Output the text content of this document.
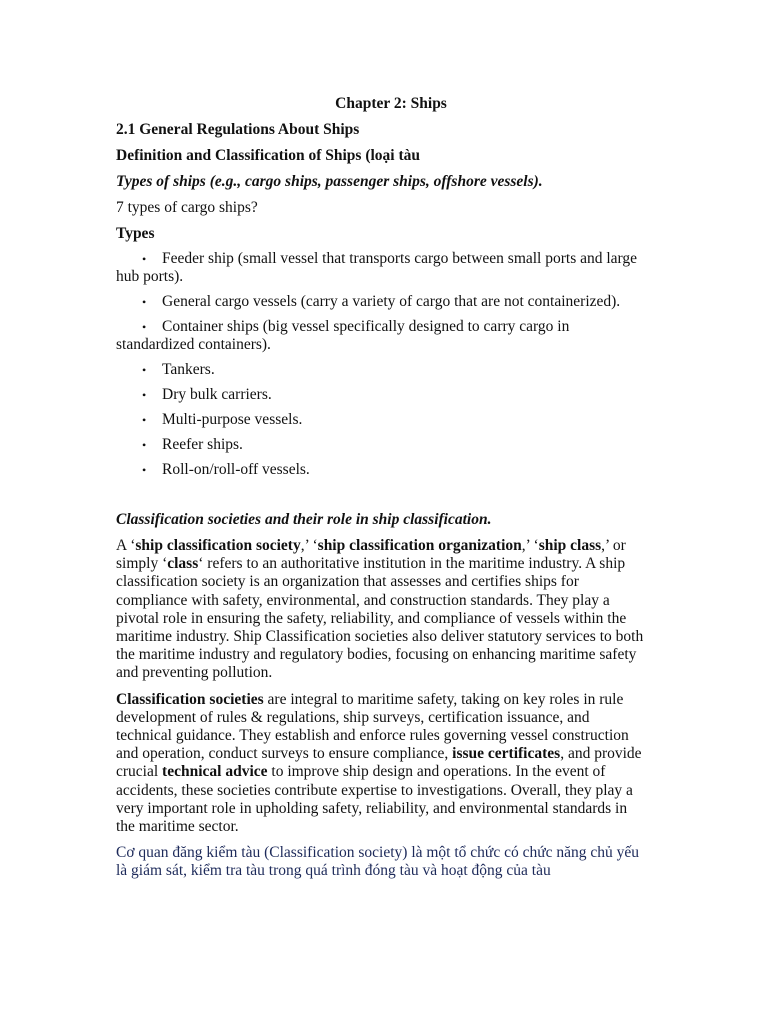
Chapter 2: Ships

2.1 General Regulations About Ships

Definition and Classification of Ships (loại tàu

Types of ships (e.g., cargo ships, passenger ships, offshore vessels).

7 types of cargo ships?

Types

• Feeder ship (small vessel that transports cargo between small ports and large hub ports).
• General cargo vessels (carry a variety of cargo that are not containerized).
• Container ships (big vessel specifically designed to carry cargo in standardized containers).
• Tankers.
• Dry bulk carriers.
• Multi-purpose vessels.
• Reefer ships.
• Roll-on/roll-off vessels.

Classification societies and their role in ship classification.

A ‘ship classification society,’ ‘ship classification organization,’ ‘ship class,’ or simply ‘class‘ refers to an authoritative institution in the maritime industry. A ship classification society is an organization that assesses and certifies ships for compliance with safety, environmental, and construction standards. They play a pivotal role in ensuring the safety, reliability, and compliance of vessels within the maritime industry. Ship Classification societies also deliver statutory services to both the maritime industry and regulatory bodies, focusing on enhancing maritime safety and preventing pollution.

Classification societies are integral to maritime safety, taking on key roles in rule development of rules & regulations, ship surveys, certification issuance, and technical guidance. They establish and enforce rules governing vessel construction and operation, conduct surveys to ensure compliance, issue certificates, and provide crucial technical advice to improve ship design and operations. In the event of accidents, these societies contribute expertise to investigations. Overall, they play a very important role in upholding safety, reliability, and environmental standards in the maritime sector.

Cơ quan đăng kiểm tàu (Classification society) là một tổ chức có chức năng chủ yếu là giám sát, kiểm tra tàu trong quá trình đóng tàu và hoạt động của tàu
